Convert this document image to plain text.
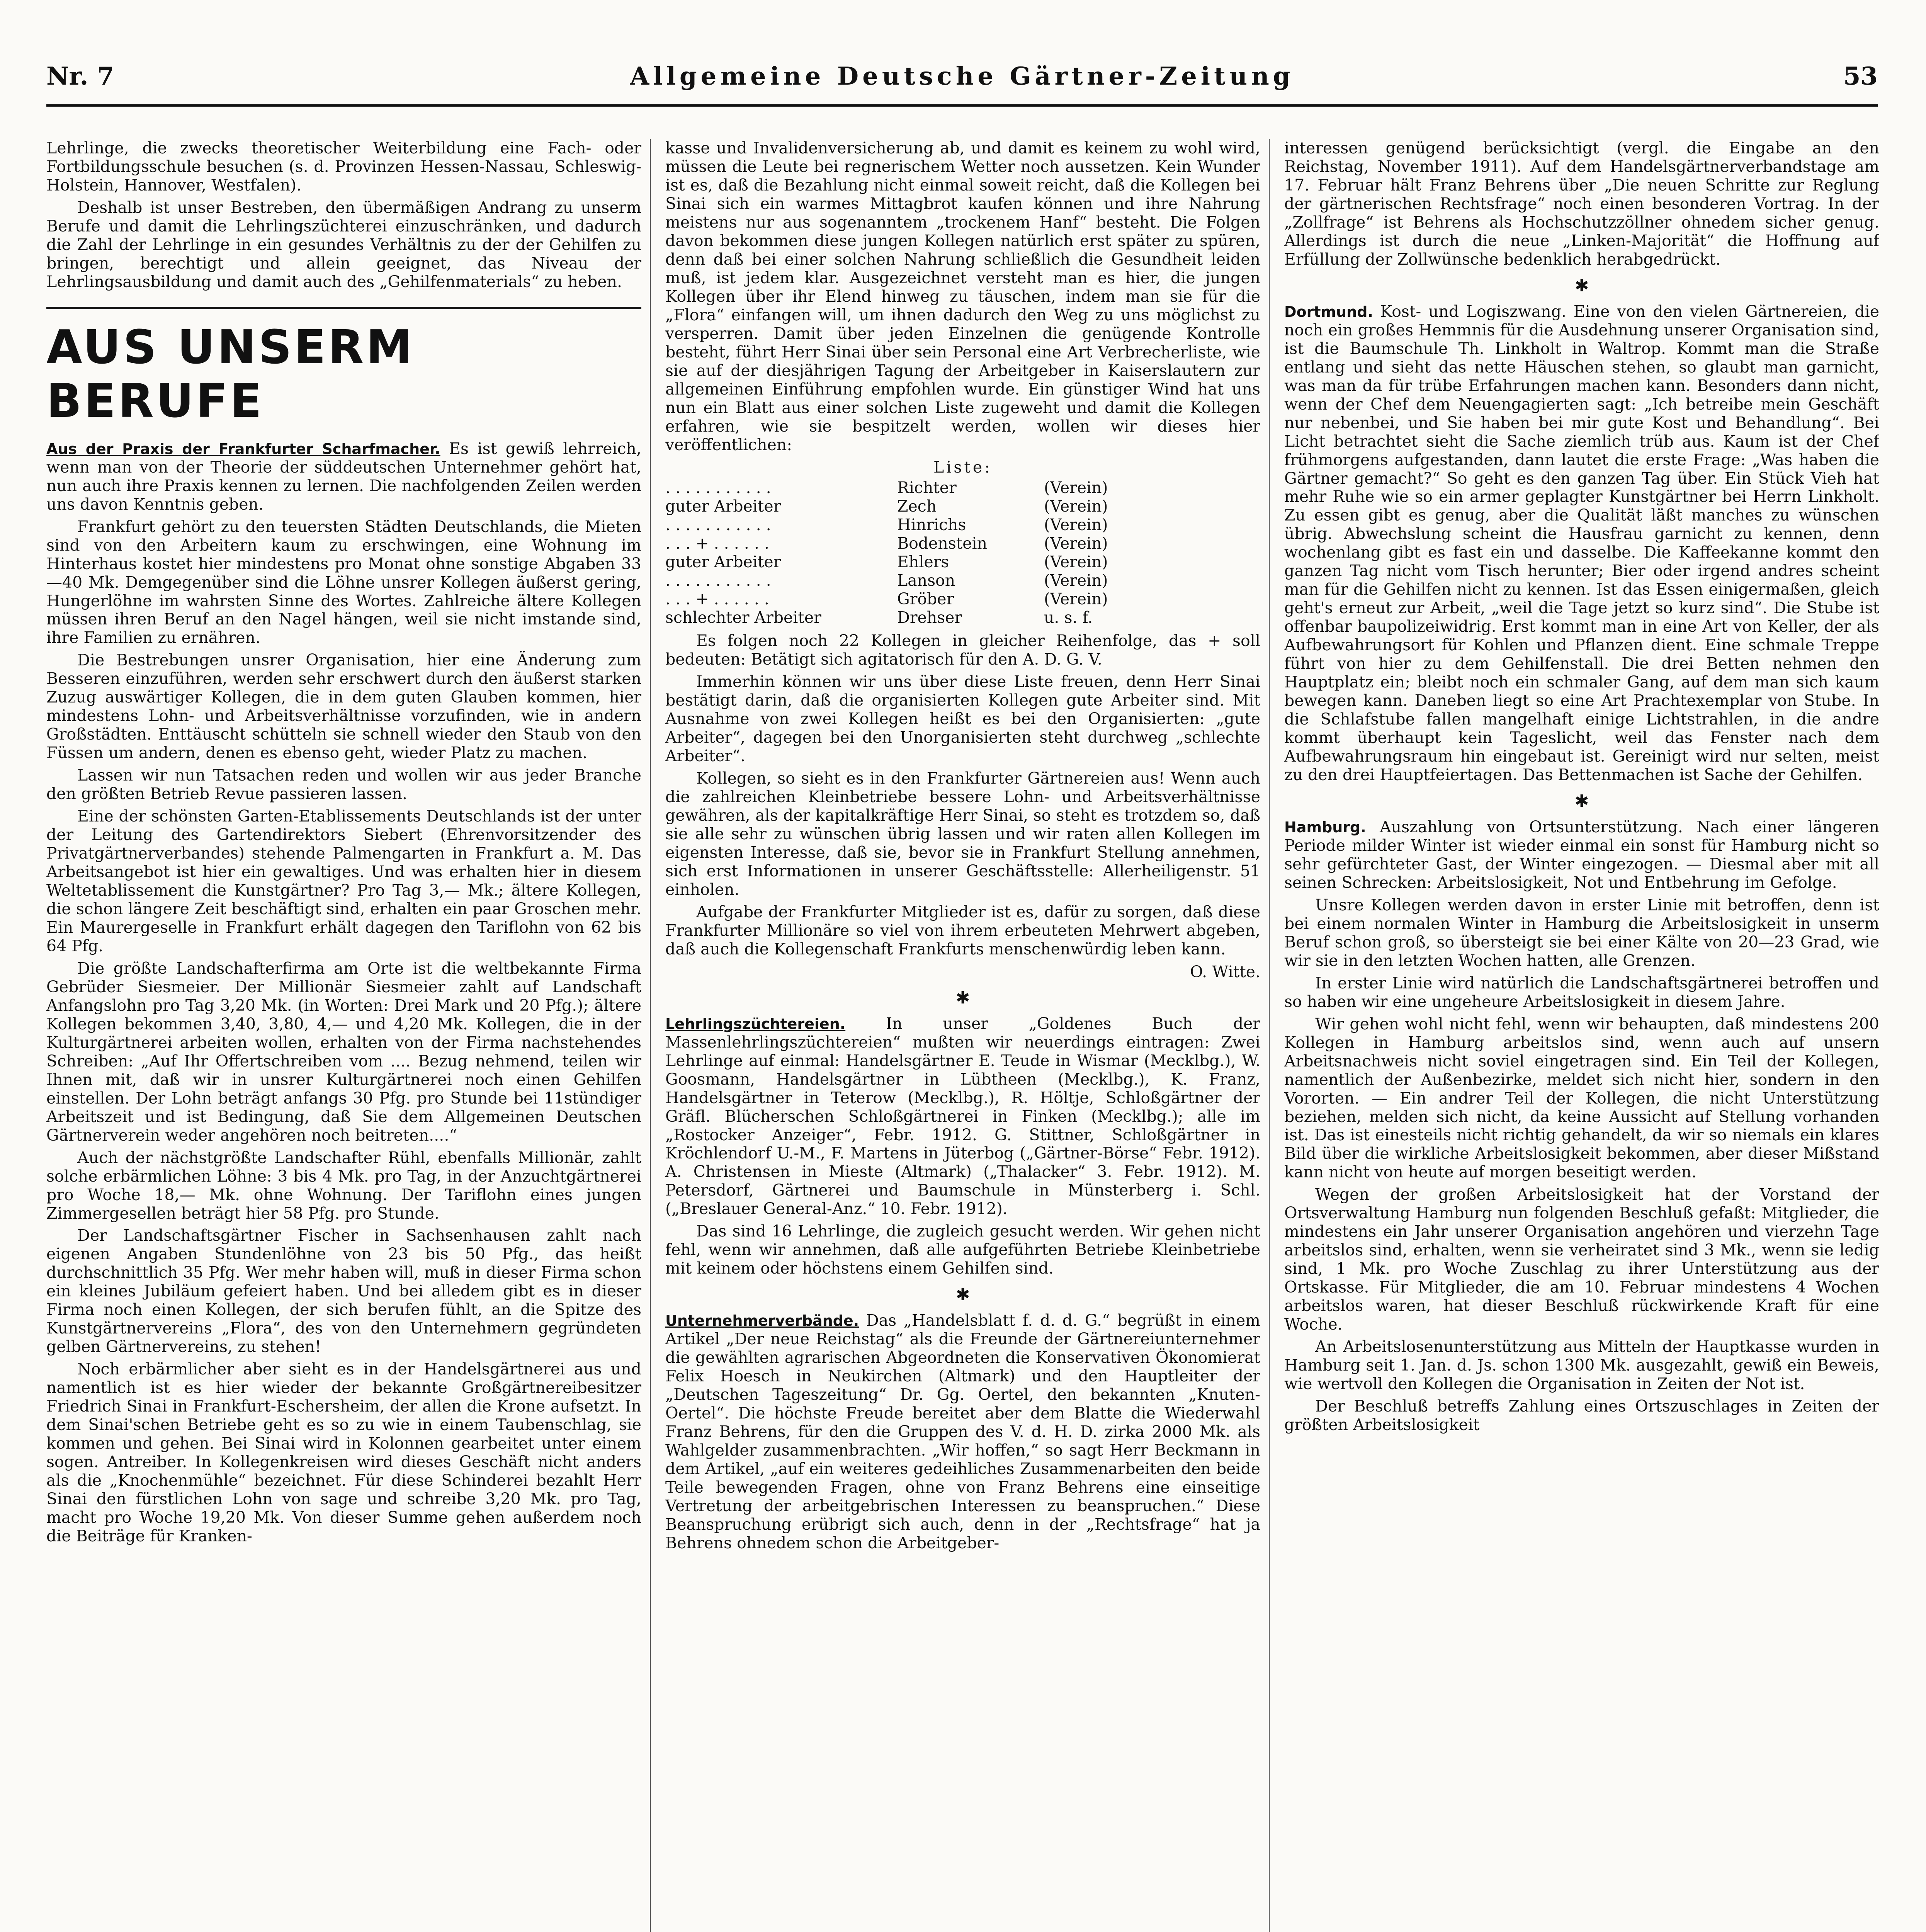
Nr. 7	Allgemeine Deutsche Gärtner-Zeitung	53

Lehrlinge, die zwecks theoretischer Weiterbildung eine Fach- oder Fortbildungsschule besuchen (s. d. Provinzen Hessen-Nassau, Schleswig-Holstein, Hannover, Westfalen).

Deshalb ist unser Bestreben, den übermäßigen Andrang zu unserm Berufe und damit die Lehrlingszüchterei einzuschränken, und dadurch die Zahl der Lehrlinge in ein gesundes Verhältnis zu der der Gehilfen zu bringen, berechtigt und allein geeignet, das Niveau der Lehrlingsausbildung und damit auch des „Gehilfenmaterials“ zu heben.

AUS UNSERM BERUFE

Aus der Praxis der Frankfurter Scharfmacher. Es ist gewiß lehrreich, wenn man von der Theorie der süddeutschen Unternehmer gehört hat, nun auch ihre Praxis kennen zu lernen. Die nachfolgenden Zeilen werden uns davon Kenntnis geben.

Frankfurt gehört zu den teuersten Städten Deutschlands, die Mieten sind von den Arbeitern kaum zu erschwingen, eine Wohnung im Hinterhaus kostet hier mindestens pro Monat ohne sonstige Abgaben 33—40 Mk. Demgegenüber sind die Löhne unsrer Kollegen äußerst gering, Hungerlöhne im wahrsten Sinne des Wortes. Zahlreiche ältere Kollegen müssen ihren Beruf an den Nagel hängen, weil sie nicht imstande sind, ihre Familien zu ernähren.

Die Bestrebungen unsrer Organisation, hier eine Änderung zum Besseren einzuführen, werden sehr erschwert durch den äußerst starken Zuzug auswärtiger Kollegen, die in dem guten Glauben kommen, hier mindestens Lohn- und Arbeitsverhältnisse vorzufinden, wie in andern Großstädten. Enttäuscht schütteln sie schnell wieder den Staub von den Füssen um andern, denen es ebenso geht, wieder Platz zu machen.

Lassen wir nun Tatsachen reden und wollen wir aus jeder Branche den größten Betrieb Revue passieren lassen.

Eine der schönsten Garten-Etablissements Deutschlands ist der unter der Leitung des Gartendirektors Siebert (Ehrenvorsitzender des Privatgärtnerverbandes) stehende Palmengarten in Frankfurt a. M. Das Arbeitsangebot ist hier ein gewaltiges. Und was erhalten hier in diesem Weltetablissement die Kunstgärtner? Pro Tag 3,— Mk.; ältere Kollegen, die schon längere Zeit beschäftigt sind, erhalten ein paar Groschen mehr. Ein Maurergeselle in Frankfurt erhält dagegen den Tariflohn von 62 bis 64 Pfg.

Die größte Landschafterfirma am Orte ist die weltbekannte Firma Gebrüder Siesmeier. Der Millionär Siesmeier zahlt auf Landschaft Anfangslohn pro Tag 3,20 Mk. (in Worten: Drei Mark und 20 Pfg.); ältere Kollegen bekommen 3,40, 3,80, 4,— und 4,20 Mk. Kollegen, die in der Kulturgärtnerei arbeiten wollen, erhalten von der Firma nachstehendes Schreiben: „Auf Ihr Offertschreiben vom .... Bezug nehmend, teilen wir Ihnen mit, daß wir in unsrer Kulturgärtnerei noch einen Gehilfen einstellen. Der Lohn beträgt anfangs 30 Pfg. pro Stunde bei 11stündiger Arbeitszeit und ist Bedingung, daß Sie dem Allgemeinen Deutschen Gärtnerverein weder angehören noch beitreten....“

Auch der nächstgrößte Landschafter Rühl, ebenfalls Millionär, zahlt solche erbärmlichen Löhne: 3 bis 4 Mk. pro Tag, in der Anzuchtgärtnerei pro Woche 18,— Mk. ohne Wohnung. Der Tariflohn eines jungen Zimmergesellen beträgt hier 58 Pfg. pro Stunde.

Der Landschaftsgärtner Fischer in Sachsenhausen zahlt nach eigenen Angaben Stundenlöhne von 23 bis 50 Pfg., das heißt durchschnittlich 35 Pfg. Wer mehr haben will, muß in dieser Firma schon ein kleines Jubiläum gefeiert haben. Und bei alledem gibt es in dieser Firma noch einen Kollegen, der sich berufen fühlt, an die Spitze des Kunstgärtnervereins „Flora“, des von den Unternehmern gegründeten gelben Gärtnervereins, zu stehen!

Noch erbärmlicher aber sieht es in der Handelsgärtnerei aus und namentlich ist es hier wieder der bekannte Großgärtnereibesitzer Friedrich Sinai in Frankfurt-Eschersheim, der allen die Krone aufsetzt. In dem Sinai'schen Betriebe geht es so zu wie in einem Taubenschlag, sie kommen und gehen. Bei Sinai wird in Kolonnen gearbeitet unter einem sogen. Antreiber. In Kollegenkreisen wird dieses Geschäft nicht anders als die „Knochenmühle“ bezeichnet. Für diese Schinderei bezahlt Herr Sinai den fürstlichen Lohn von sage und schreibe 3,20 Mk. pro Tag, macht pro Woche 19,20 Mk. Von dieser Summe gehen außerdem noch die Beiträge für Kranken-

kasse und Invalidenversicherung ab, und damit es keinem zu wohl wird, müssen die Leute bei regnerischem Wetter noch aussetzen. Kein Wunder ist es, daß die Bezahlung nicht einmal soweit reicht, daß die Kollegen bei Sinai sich ein warmes Mittagbrot kaufen können und ihre Nahrung meistens nur aus sogenanntem „trockenem Hanf“ besteht. Die Folgen davon bekommen diese jungen Kollegen natürlich erst später zu spüren, denn daß bei einer solchen Nahrung schließlich die Gesundheit leiden muß, ist jedem klar. Ausgezeichnet versteht man es hier, die jungen Kollegen über ihr Elend hinweg zu täuschen, indem man sie für die „Flora“ einfangen will, um ihnen dadurch den Weg zu uns möglichst zu versperren. Damit über jeden Einzelnen die genügende Kontrolle besteht, führt Herr Sinai über sein Personal eine Art Verbrecherliste, wie sie auf der diesjährigen Tagung der Arbeitgeber in Kaiserslautern zur allgemeinen Einführung empfohlen wurde. Ein günstiger Wind hat uns nun ein Blatt aus einer solchen Liste zugeweht und damit die Kollegen erfahren, wie sie bespitzelt werden, wollen wir dieses hier veröffentlichen:

Liste:
. . . . . . . . . . .	Richter	(Verein)
guter Arbeiter	Zech	(Verein)
. . . . . . . . . . .	Hinrichs	(Verein)
. . . + . . . . . .	Bodenstein	(Verein)
guter Arbeiter	Ehlers	(Verein)
. . . . . . . . . . .	Lanson	(Verein)
. . . + . . . . . .	Gröber	(Verein)
schlechter Arbeiter	Drehser	u. s. f.

Es folgen noch 22 Kollegen in gleicher Reihenfolge, das + soll bedeuten: Betätigt sich agitatorisch für den A. D. G. V.

Immerhin können wir uns über diese Liste freuen, denn Herr Sinai bestätigt darin, daß die organisierten Kollegen gute Arbeiter sind. Mit Ausnahme von zwei Kollegen heißt es bei den Organisierten: „gute Arbeiter“, dagegen bei den Unorganisierten steht durchweg „schlechte Arbeiter“.

Kollegen, so sieht es in den Frankfurter Gärtnereien aus! Wenn auch die zahlreichen Kleinbetriebe bessere Lohn- und Arbeitsverhältnisse gewähren, als der kapitalkräftige Herr Sinai, so steht es trotzdem so, daß sie alle sehr zu wünschen übrig lassen und wir raten allen Kollegen im eigensten Interesse, daß sie, bevor sie in Frankfurt Stellung annehmen, sich erst Informationen in unserer Geschäftsstelle: Allerheiligenstr. 51 einholen.

Aufgabe der Frankfurter Mitglieder ist es, dafür zu sorgen, daß diese Frankfurter Millionäre so viel von ihrem erbeuteten Mehrwert abgeben, daß auch die Kollegenschaft Frankfurts menschenwürdig leben kann.

O. Witte.
✱

Lehrlingszüchtereien.	In unser „Goldenes Buch der Massenlehrlingszüchtereien“ mußten wir neuerdings eintragen: Zwei Lehrlinge auf einmal: Handelsgärtner E. Teude in Wismar (Mecklbg.), W. Goosmann, Handelsgärtner in Lübtheen (Mecklbg.), K. Franz, Handelsgärtner in Teterow (Mecklbg.), R. Höltje, Schloßgärtner der Gräfl. Blücherschen Schloßgärtnerei in Finken (Mecklbg.); alle im „Rostocker Anzeiger“, Febr. 1912. G. Stittner, Schloßgärtner in Kröchlendorf U.-M., F. Martens in Jüterbog („Gärtner-Börse“ Febr. 1912). A. Christensen in Mieste (Altmark) („Thalacker“ 3. Febr. 1912). M. Petersdorf, Gärtnerei und Baumschule in Münsterberg i. Schl. („Breslauer General-Anz.“ 10. Febr. 1912).

Das sind 16 Lehrlinge, die zugleich gesucht werden. Wir gehen nicht fehl, wenn wir annehmen, daß alle aufgeführten Betriebe Kleinbetriebe mit keinem oder höchstens einem Gehilfen sind.

✱

Unternehmerverbände. Das „Handelsblatt f. d. d. G.“ begrüßt in einem Artikel „Der neue Reichstag“ als die Freunde der Gärtnereiunternehmer die gewählten agrarischen Abgeordneten die Konservativen Ökonomierat Felix Hoesch in Neukirchen (Altmark) und den Hauptleiter der „Deutschen Tageszeitung“ Dr. Gg. Oertel, den bekannten „Knuten-Oertel“. Die höchste Freude bereitet aber dem Blatte die Wiederwahl Franz Behrens, für den die Gruppen des V. d. H. D. zirka 2000 Mk. als Wahlgelder zusammenbrachten. „Wir hoffen,“ so sagt Herr Beckmann in dem Artikel, „auf ein weiteres gedeihliches Zusammenarbeiten den beide Teile bewegenden Fragen, ohne von Franz Behrens eine einseitige Vertretung der arbeitgebrischen Interessen zu beanspruchen.“ Diese Beanspruchung erübrigt sich auch, denn in der „Rechtsfrage“ hat ja Behrens ohnedem schon die Arbeitgeber-

interessen genügend berücksichtigt (vergl. die Eingabe an den Reichstag, November 1911). Auf dem Handelsgärtnerverbandstage am 17. Februar hält Franz Behrens über „Die neuen Schritte zur Reglung der gärtnerischen Rechtsfrage“ noch einen besonderen Vortrag. In der „Zollfrage“ ist Behrens als Hochschutzzöllner ohnedem sicher genug. Allerdings ist durch die neue „Linken-Majorität“ die Hoffnung auf Erfüllung der Zollwünsche bedenklich herabgedrückt.

✱

Dortmund. Kost- und Logiszwang. Eine von den vielen Gärtnereien, die noch ein großes Hemmnis für die Ausdehnung unserer Organisation sind, ist die Baumschule Th. Linkholt in Waltrop. Kommt man die Straße entlang und sieht das nette Häuschen stehen, so glaubt man garnicht, was man da für trübe Erfahrungen machen kann. Besonders dann nicht, wenn der Chef dem Neuengagierten sagt: „Ich betreibe mein Geschäft nur nebenbei, und Sie haben bei mir gute Kost und Behandlung“. Bei Licht betrachtet sieht die Sache ziemlich trüb aus. Kaum ist der Chef frühmorgens aufgestanden, dann lautet die erste Frage: „Was haben die Gärtner gemacht?“ So geht es den ganzen Tag über. Ein Stück Vieh hat mehr Ruhe wie so ein armer geplagter Kunstgärtner bei Herrn Linkholt. Zu essen gibt es genug, aber die Qualität läßt manches zu wünschen übrig. Abwechslung scheint die Hausfrau garnicht zu kennen, denn wochenlang gibt es fast ein und dasselbe. Die Kaffeekanne kommt den ganzen Tag nicht vom Tisch herunter; Bier oder irgend andres scheint man für die Gehilfen nicht zu kennen. Ist das Essen einigermaßen, gleich geht's erneut zur Arbeit, „weil die Tage jetzt so kurz sind“. Die Stube ist offenbar baupolizeiwidrig. Erst kommt man in eine Art von Keller, der als Aufbewahrungsort für Kohlen und Pflanzen dient. Eine schmale Treppe führt von hier zu dem Gehilfenstall. Die drei Betten nehmen den Hauptplatz ein; bleibt noch ein schmaler Gang, auf dem man sich kaum bewegen kann. Daneben liegt so eine Art Prachtexemplar von Stube. In die Schlafstube fallen mangelhaft einige Lichtstrahlen, in die andre kommt überhaupt kein Tageslicht, weil das Fenster nach dem Aufbewahrungsraum hin eingebaut ist. Gereinigt wird nur selten, meist zu den drei Hauptfeiertagen. Das Bettenmachen ist Sache der Gehilfen.

✱

Hamburg. Auszahlung von Ortsunterstützung. Nach einer längeren Periode milder Winter ist wieder einmal ein sonst für Hamburg nicht so sehr gefürchteter Gast, der Winter eingezogen. — Diesmal aber mit all seinen Schrecken: Arbeitslosigkeit, Not und Entbehrung im Gefolge.

Unsre Kollegen werden davon in erster Linie mit betroffen, denn ist bei einem normalen Winter in Hamburg die Arbeitslosigkeit in unserm Beruf schon groß, so übersteigt sie bei einer Kälte von 20—23 Grad, wie wir sie in den letzten Wochen hatten, alle Grenzen.

In erster Linie wird natürlich die Landschaftsgärtnerei betroffen und so haben wir eine ungeheure Arbeitslosigkeit in diesem Jahre.

Wir gehen wohl nicht fehl, wenn wir behaupten, daß mindestens 200 Kollegen in Hamburg arbeitslos sind, wenn auch auf unsern Arbeitsnachweis nicht soviel eingetragen sind. Ein Teil der Kollegen, namentlich der Außenbezirke, meldet sich nicht hier, sondern in den Vororten. — Ein andrer Teil der Kollegen, die nicht Unterstützung beziehen, melden sich nicht, da keine Aussicht auf Stellung vorhanden ist. Das ist einesteils nicht richtig gehandelt, da wir so niemals ein klares Bild über die wirkliche Arbeitslosigkeit bekommen, aber dieser Mißstand kann nicht von heute auf morgen beseitigt werden.

Wegen der großen Arbeitslosigkeit hat der Vorstand der Ortsverwaltung Hamburg nun folgenden Beschluß gefaßt: Mitglieder, die mindestens ein Jahr unserer Organisation angehören und vierzehn Tage arbeitslos sind, erhalten, wenn sie verheiratet sind 3 Mk., wenn sie ledig sind, 1 Mk. pro Woche Zuschlag zu ihrer Unterstützung aus der Ortskasse. Für Mitglieder, die am 10. Februar mindestens 4 Wochen arbeitslos waren, hat dieser Beschluß rückwirkende Kraft für eine Woche.

An Arbeitslosenunterstützung aus Mitteln der Hauptkasse wurden in Hamburg seit 1. Jan. d. Js. schon 1300 Mk. ausgezahlt, gewiß ein Beweis, wie wertvoll den Kollegen die Organisation in Zeiten der Not ist.

Der Beschluß betreffs Zahlung eines Ortszuschlages in Zeiten der größten Arbeitslosigkeit
